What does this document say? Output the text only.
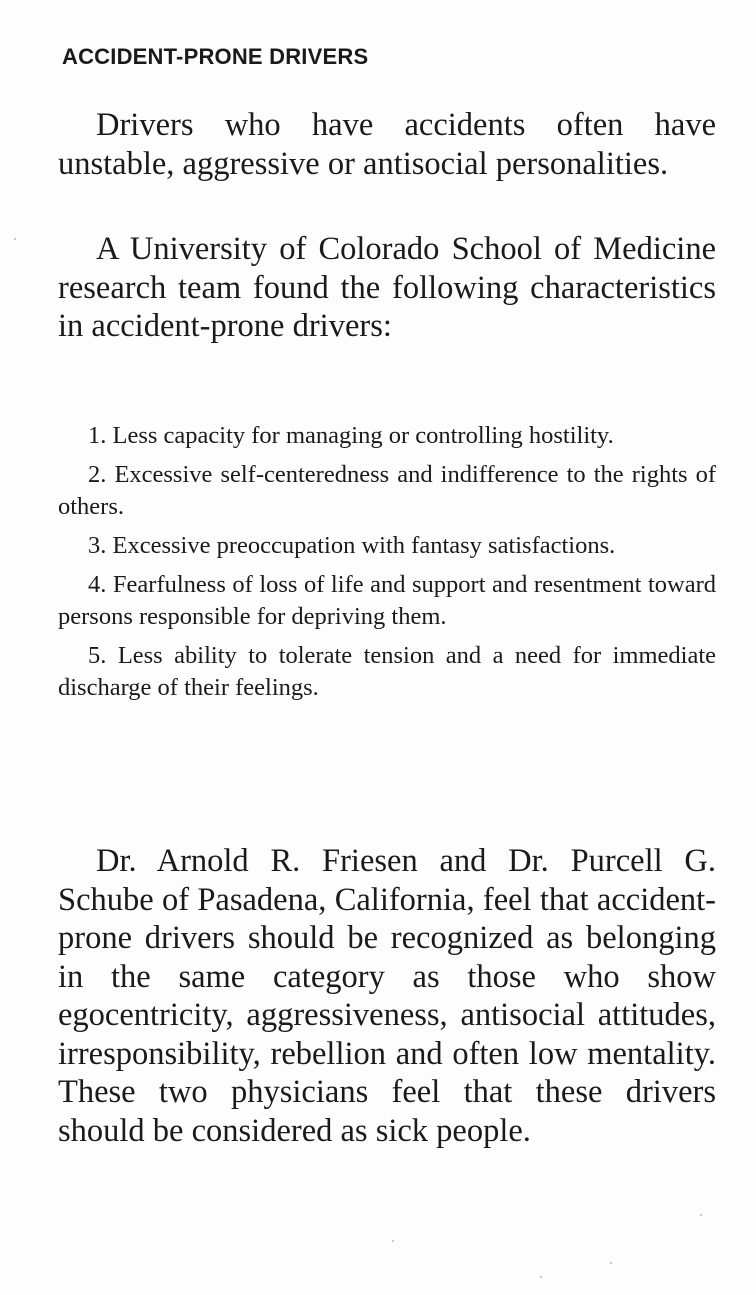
ACCIDENT-PRONE DRIVERS

Drivers who have accidents often have unstable, aggressive or antisocial personalities.

A University of Colorado School of Medicine research team found the following characteristics in accident-prone drivers:

1. Less capacity for managing or controlling hostility.

2. Excessive self-centeredness and indifference to the rights of others.

3. Excessive preoccupation with fantasy satisfactions.

4. Fearfulness of loss of life and support and resentment toward persons responsible for depriving them.

5. Less ability to tolerate tension and a need for immediate discharge of their feelings.

Dr. Arnold R. Friesen and Dr. Purcell G. Schube of Pasadena, California, feel that accident-prone drivers should be recognized as belonging in the same category as those who show egocentricity, aggressiveness, antisocial attitudes, irresponsibility, rebellion and often low mentality. These two physicians feel that these drivers should be considered as sick people.
